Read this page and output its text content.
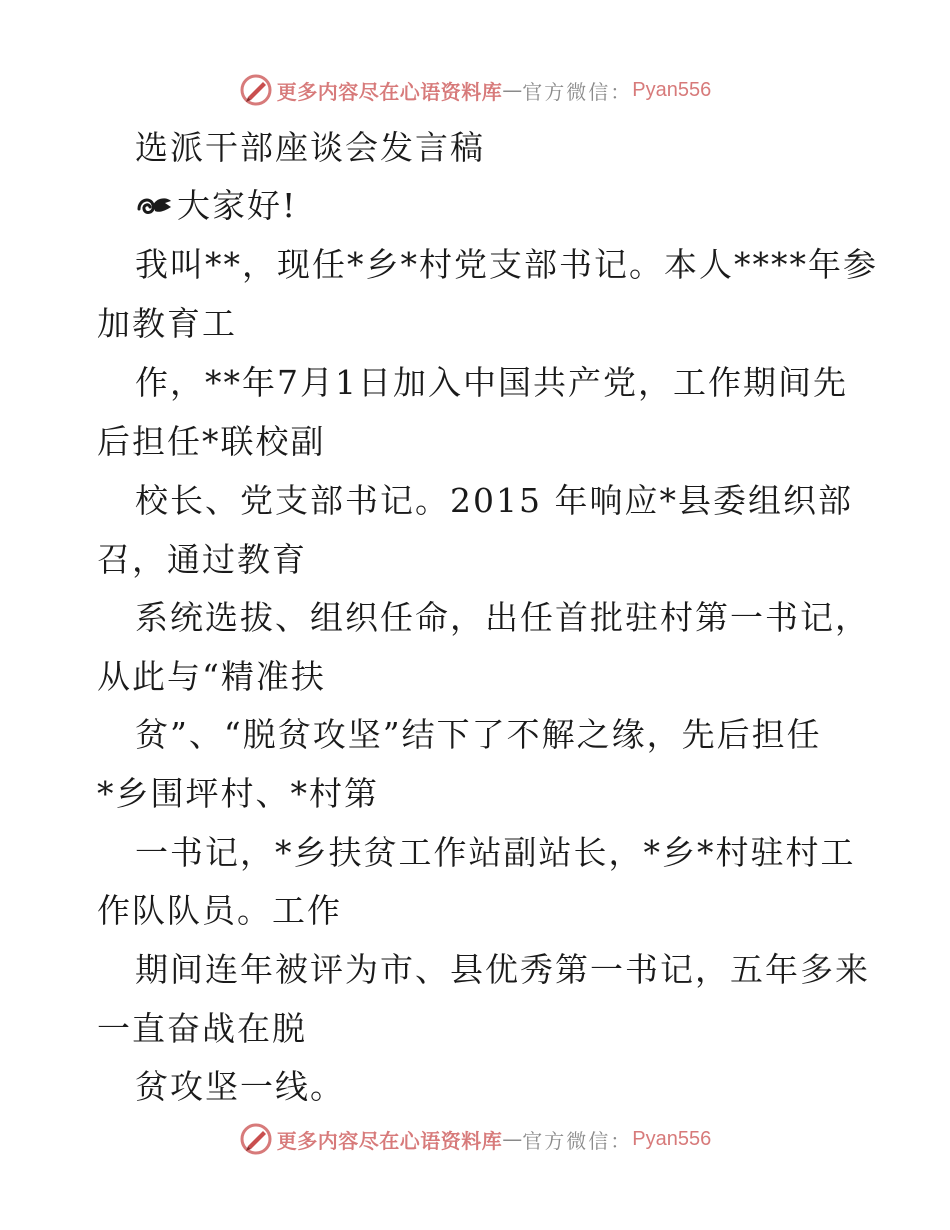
更多内容尽在心语资料库 — 官方微信： Pyan556
选派干部座谈会发言稿
大家好!
我叫**，现任*乡*村党支部书记。本人****年参
加教育工
作，**年7月1日加入中国共产党，工作期间先
后担任*联校副
校长、党支部书记。2015 年响应*县委组织部
召，通过教育
系统选拔、组织任命，出任首批驻村第一书记，
从此与“精准扶
贫”、“脱贫攻坚”结下了不解之缘，先后担任
*乡围坪村、*村第
一书记，*乡扶贫工作站副站长，*乡*村驻村工
作队队员。工作
期间连年被评为市、县优秀第一书记，五年多来
一直奋战在脱
贫攻坚一线。
更多内容尽在心语资料库 — 官方微信： Pyan556
